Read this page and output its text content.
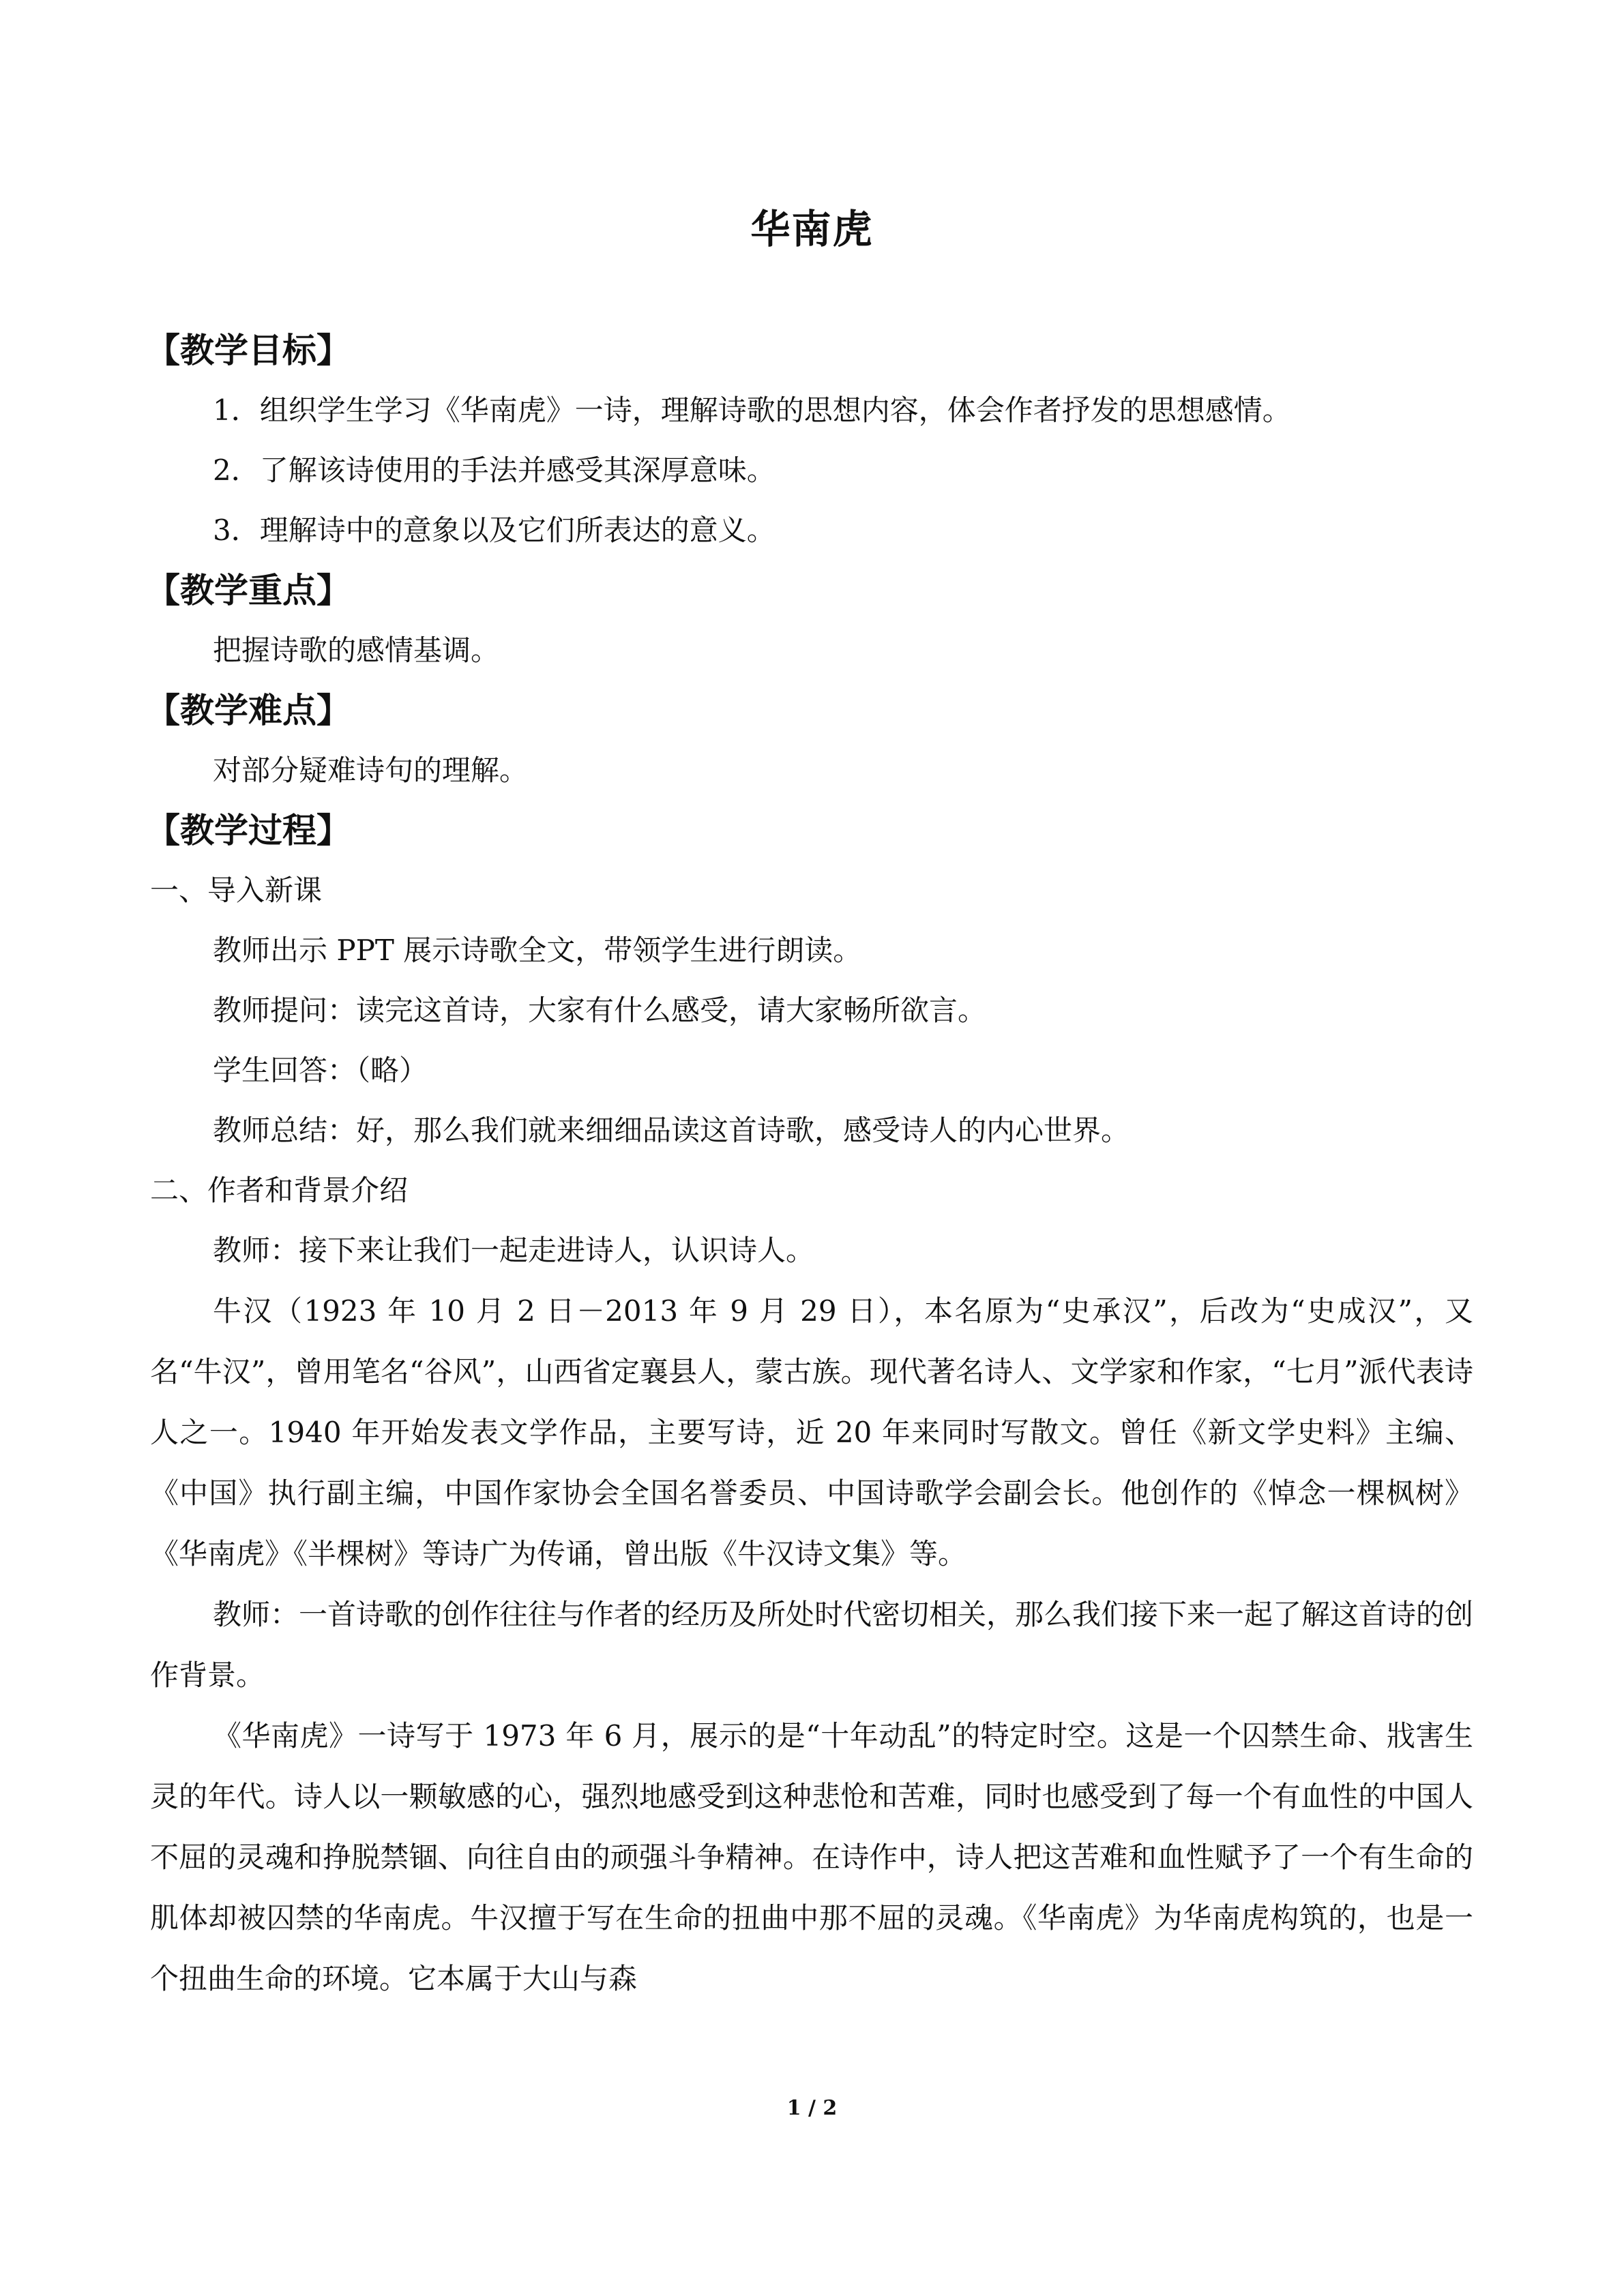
华南虎

【教学目标】

1．组织学生学习《华南虎》一诗，理解诗歌的思想内容，体会作者抒发的思想感情。

2．了解该诗使用的手法并感受其深厚意味。

3．理解诗中的意象以及它们所表达的意义。

【教学重点】

把握诗歌的感情基调。

【教学难点】

对部分疑难诗句的理解。

【教学过程】

一、导入新课

教师出示 PPT 展示诗歌全文，带领学生进行朗读。

教师提问：读完这首诗，大家有什么感受，请大家畅所欲言。

学生回答：（略）

教师总结：好，那么我们就来细细品读这首诗歌，感受诗人的内心世界。

二、作者和背景介绍

教师：接下来让我们一起走进诗人，认识诗人。

牛汉（1923 年 10 月 2 日－2013 年 9 月 29 日），本名原为“史承汉”，后改为“史成汉”，又名“牛汉”，曾用笔名“谷风”，山西省定襄县人，蒙古族。现代著名诗人、文学家和作家，“七月”派代表诗人之一。1940 年开始发表文学作品，主要写诗，近 20 年来同时写散文。曾任《新文学史料》主编、《中国》执行副主编，中国作家协会全国名誉委员、中国诗歌学会副会长。他创作的《悼念一棵枫树》《华南虎》《半棵树》等诗广为传诵，曾出版《牛汉诗文集》等。

教师：一首诗歌的创作往往与作者的经历及所处时代密切相关，那么我们接下来一起了解这首诗的创作背景。

《华南虎》一诗写于 1973 年 6 月，展示的是“十年动乱”的特定时空。这是一个囚禁生命、戕害生灵的年代。诗人以一颗敏感的心，强烈地感受到这种悲怆和苦难，同时也感受到了每一个有血性的中国人不屈的灵魂和挣脱禁锢、向往自由的顽强斗争精神。在诗作中，诗人把这苦难和血性赋予了一个有生命的肌体却被囚禁的华南虎。牛汉擅于写在生命的扭曲中那不屈的灵魂。《华南虎》为华南虎构筑的，也是一个扭曲生命的环境。它本属于大山与森

1 / 2
